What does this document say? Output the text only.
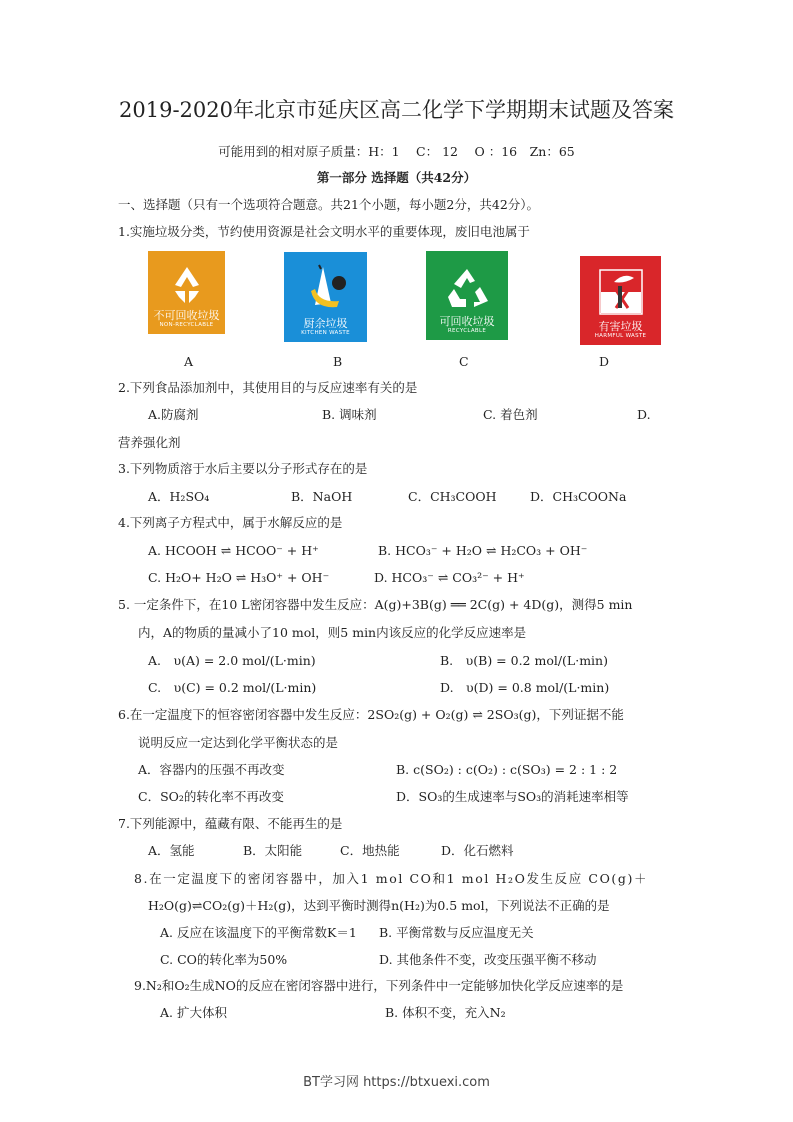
2019-2020年北京市延庆区高二化学下学期期末试题及答案
可能用到的相对原子质量：H：1　 C： 12　 O ：16　Zn：65
第一部分 选择题（共42分）
一、选择题（只有一个选项符合题意。共21个小题，每小题2分，共42分）。
1.实施垃圾分类，节约使用资源是社会文明水平的重要体现，废旧电池属于
不可回收垃圾
NON-RECYCLABLE	厨余垃圾
KITCHEN WASTE
可回收垃圾
RECYCLABLE	有害垃圾
HARMFUL WASTE
A	B	C	D
2.下列食品添加剂中，其使用目的与反应速率有关的是
A.防腐剂	B. 调味剂	C. 着色剂	D.
营养强化剂
3.下列物质溶于水后主要以分子形式存在的是
A．H₂SO₄	B．NaOH	C．CH₃COOH	D．CH₃COONa
4.下列离子方程式中，属于水解反应的是
A. HCOOH ⇌ HCOO⁻ + H⁺	B. HCO₃⁻ + H₂O ⇌ H₂CO₃ + OH⁻
C. H₂O+ H₂O ⇌ H₃O⁺ + OH⁻	D. HCO₃⁻ ⇌ CO₃²⁻ + H⁺
5. 一定条件下，在10 L密闭容器中发生反应：A(g)+3B(g) ══ 2C(g) + 4D(g)，测得5 min
内，A的物质的量减小了10 mol，则5 min内该反应的化学反应速率是
A.　υ(A) = 2.0 mol/(L·min)	B.　υ(B) = 0.2 mol/(L·min)
C.　υ(C) = 0.2 mol/(L·min)	D.　υ(D) = 0.8 mol/(L·min)
6.在一定温度下的恒容密闭容器中发生反应：2SO₂(g) + O₂(g) ⇌ 2SO₃(g)，下列证据不能
说明反应一定达到化学平衡状态的是
A．容器内的压强不再改变	B. c(SO₂) : c(O₂) : c(SO₃) = 2 : 1 : 2
C．SO₂的转化率不再改变	D．SO₃的生成速率与SO₃的消耗速率相等
7.下列能源中，蕴藏有限、不能再生的是
A．氢能	B．太阳能	C．地热能	D．化石燃料
8.在一定温度下的密闭容器中，加入1 mol CO和1 mol H₂O发生反应 CO(g)＋
H₂O(g)⇌CO₂(g)＋H₂(g)，达到平衡时测得n(H₂)为0.5 mol，下列说法不正确的是
A. 反应在该温度下的平衡常数K＝1 B. 平衡常数与反应温度无关
C. CO的转化率为50%	D. 其他条件不变，改变压强平衡不移动
9.N₂和O₂生成NO的反应在密闭容器中进行，下列条件中一定能够加快化学反应速率的是
A. 扩大体积	B. 体积不变，充入N₂
BT学习网 https://btxuexi.com
